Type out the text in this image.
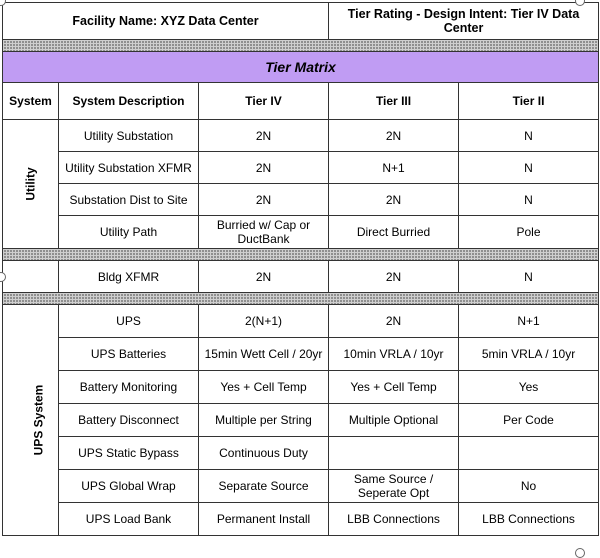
Facility Name: XYZ Data Center			Tier Rating - Design Intent: Tier IV Data Center	

Tier Matrix				
System	System Description	Tier IV	Tier III	Tier II
Utility	Utility Substation	2N	2N	N
	Utility Substation XFMR	2N	N+1	N
	Substation Dist to Site	2N	2N	N
	Utility Path	Burried w/ Cap or DuctBank	Direct Burried	Pole

	Bldg XFMR	2N	2N	N

UPS System	UPS	2(N+1)	2N	N+1
	UPS Batteries	15min Wett Cell / 20yr	10min VRLA / 10yr	5min VRLA / 10yr
	Battery Monitoring	Yes + Cell Temp	Yes + Cell Temp	Yes
	Battery Disconnect	Multiple per String	Multiple Optional	Per Code
	UPS Static Bypass	Continuous Duty		
	UPS Global Wrap	Separate Source	Same Source / Seperate Opt	No
	UPS Load Bank	Permanent Install	LBB Connections	LBB Connections
